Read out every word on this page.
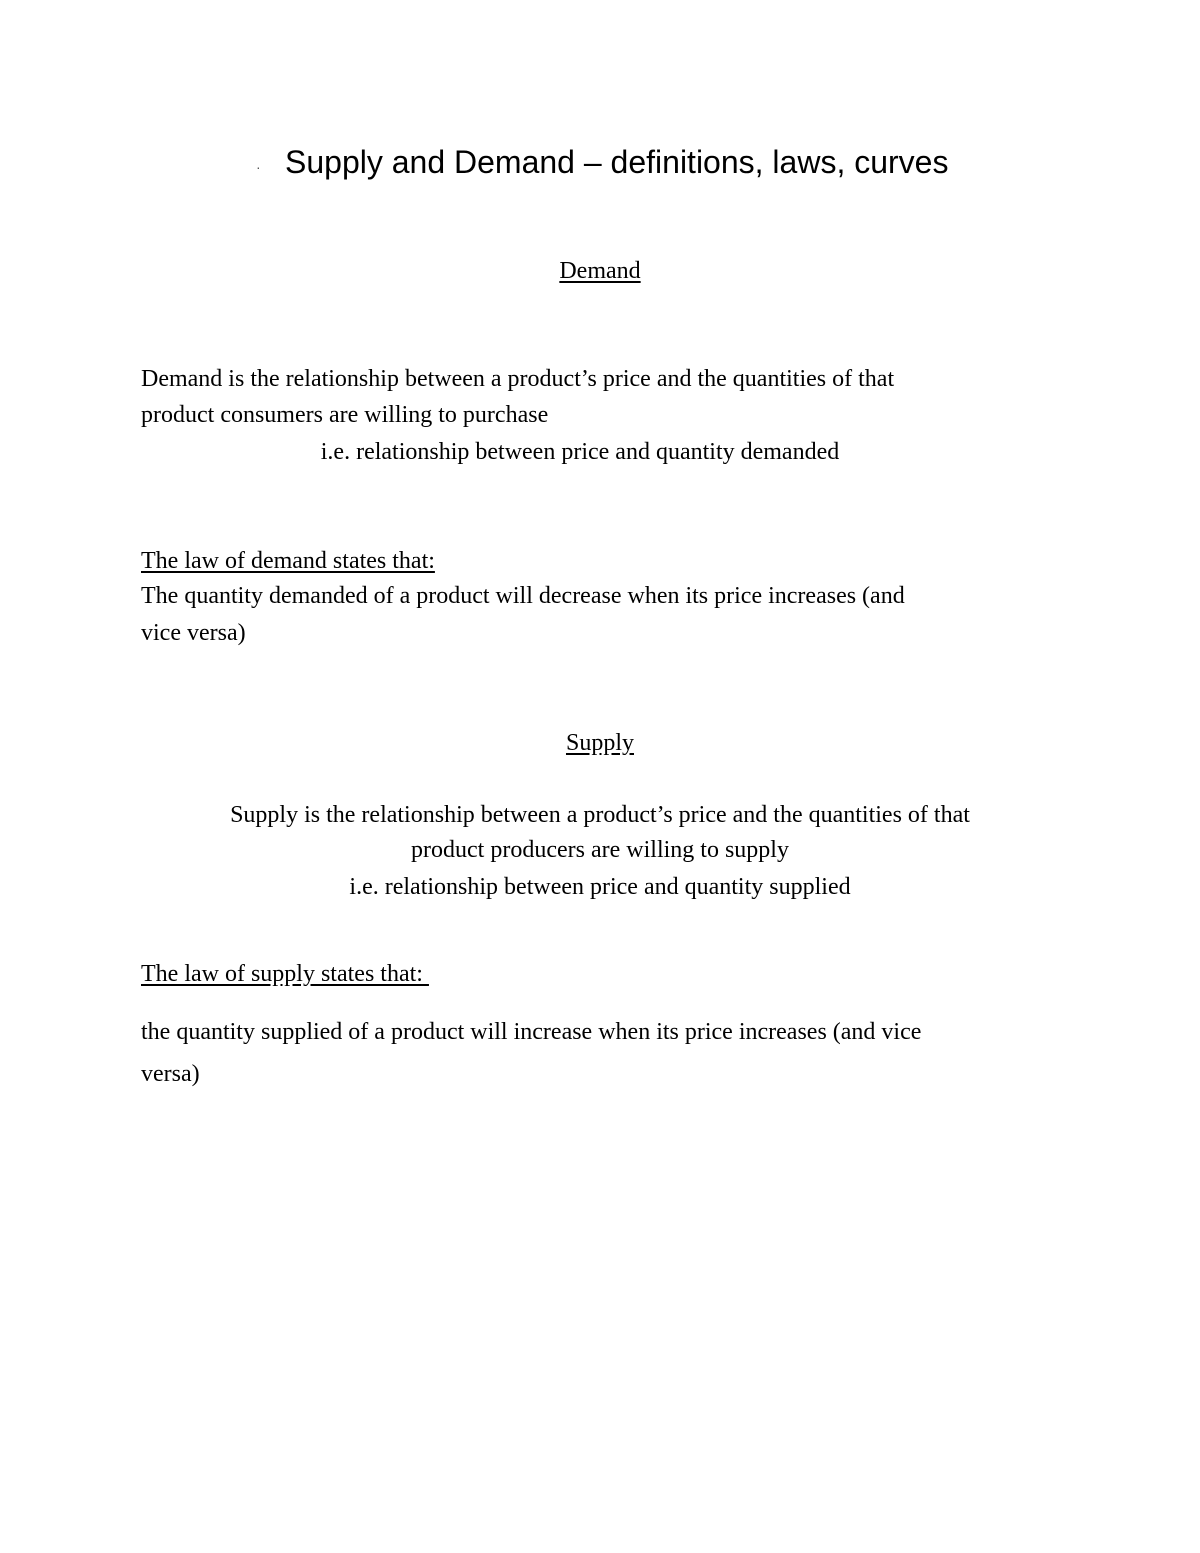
· Supply and Demand – definitions, laws, curves
Demand
Demand is the relationship between a product’s price and the quantities of that
product consumers are willing to purchase
i.e. relationship between price and quantity demanded
The law of demand states that:
The quantity demanded of a product will decrease when its price increases (and
vice versa)
Supply
Supply is the relationship between a product’s price and the quantities of that
product producers are willing to supply
i.e. relationship between price and quantity supplied
The law of supply states that:
the quantity supplied of a product will increase when its price increases (and vice
versa)
